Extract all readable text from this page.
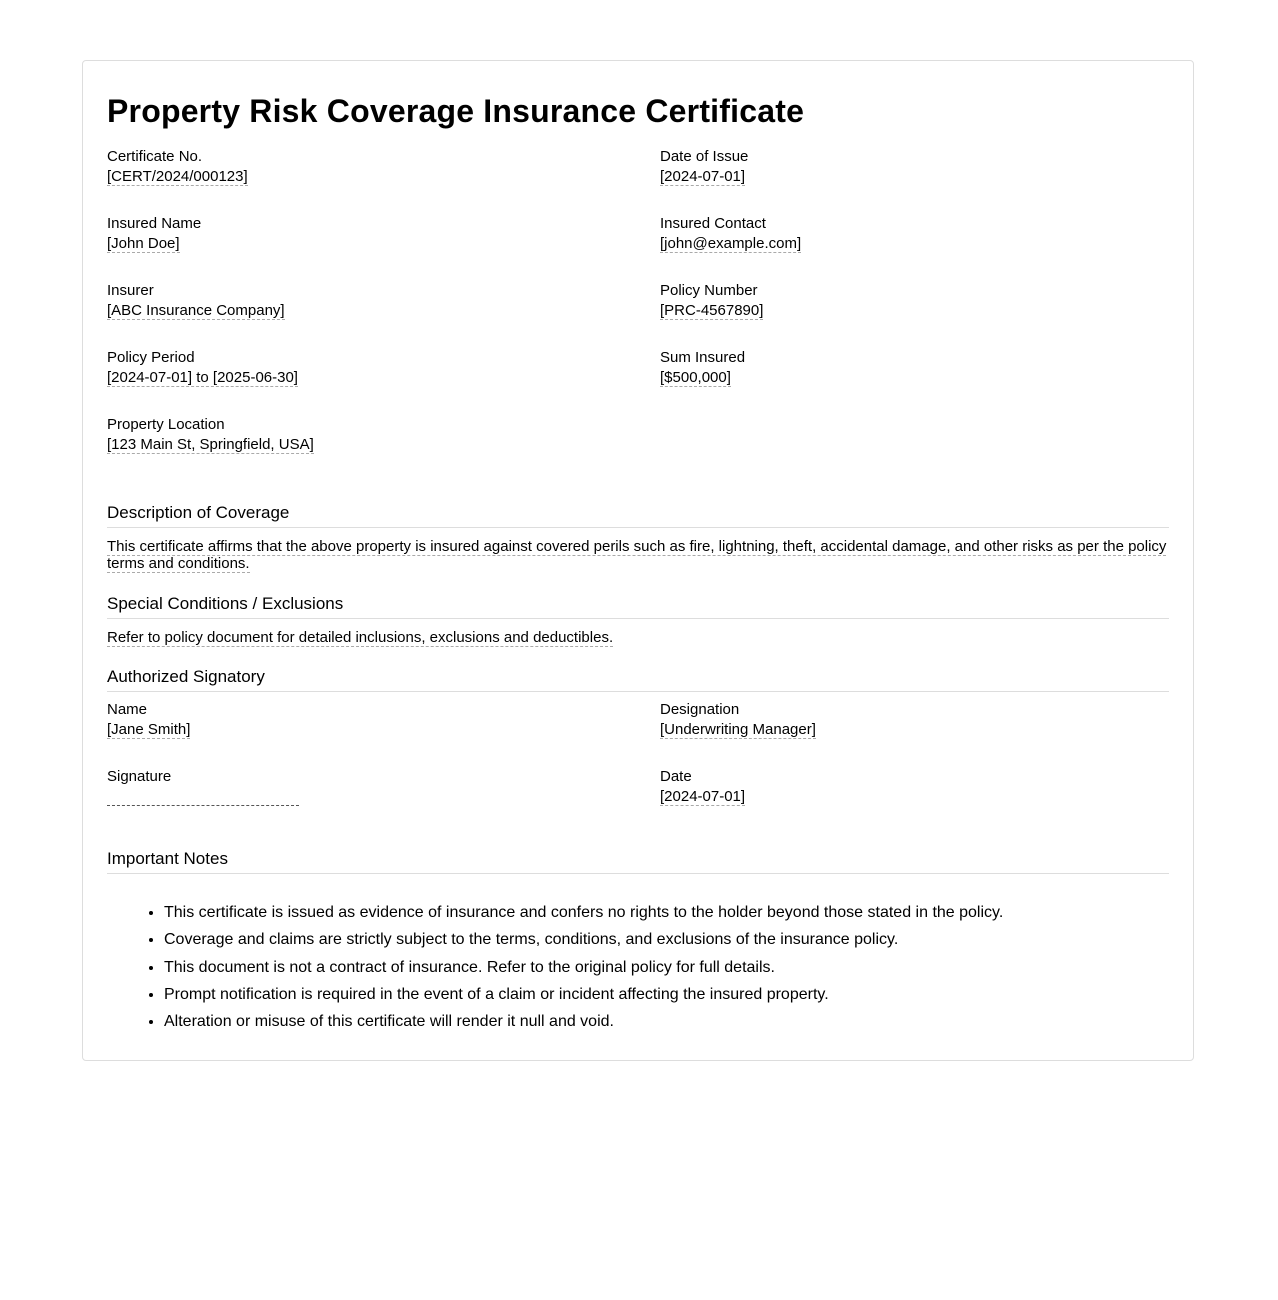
Property Risk Coverage Insurance Certificate
Certificate No.
[CERT/2024/000123]
Date of Issue
[2024-07-01]
Insured Name
[John Doe]
Insured Contact
[john@example.com]
Insurer
[ABC Insurance Company]
Policy Number
[PRC-4567890]
Policy Period
[2024-07-01] to [2025-06-30]
Sum Insured
[$500,000]
Property Location
[123 Main St, Springfield, USA]
Description of Coverage
This certificate affirms that the above property is insured against covered perils such as fire, lightning, theft, accidental damage, and other risks as per the policy terms and conditions.
Special Conditions / Exclusions
Refer to policy document for detailed inclusions, exclusions and deductibles.
Authorized Signatory
Name
[Jane Smith]
Designation
[Underwriting Manager]
Signature	Date
[2024-07-01]
Important Notes
• This certificate is issued as evidence of insurance and confers no rights to the holder beyond those stated in the policy.
• Coverage and claims are strictly subject to the terms, conditions, and exclusions of the insurance policy.
• This document is not a contract of insurance. Refer to the original policy for full details.
• Prompt notification is required in the event of a claim or incident affecting the insured property.
• Alteration or misuse of this certificate will render it null and void.
